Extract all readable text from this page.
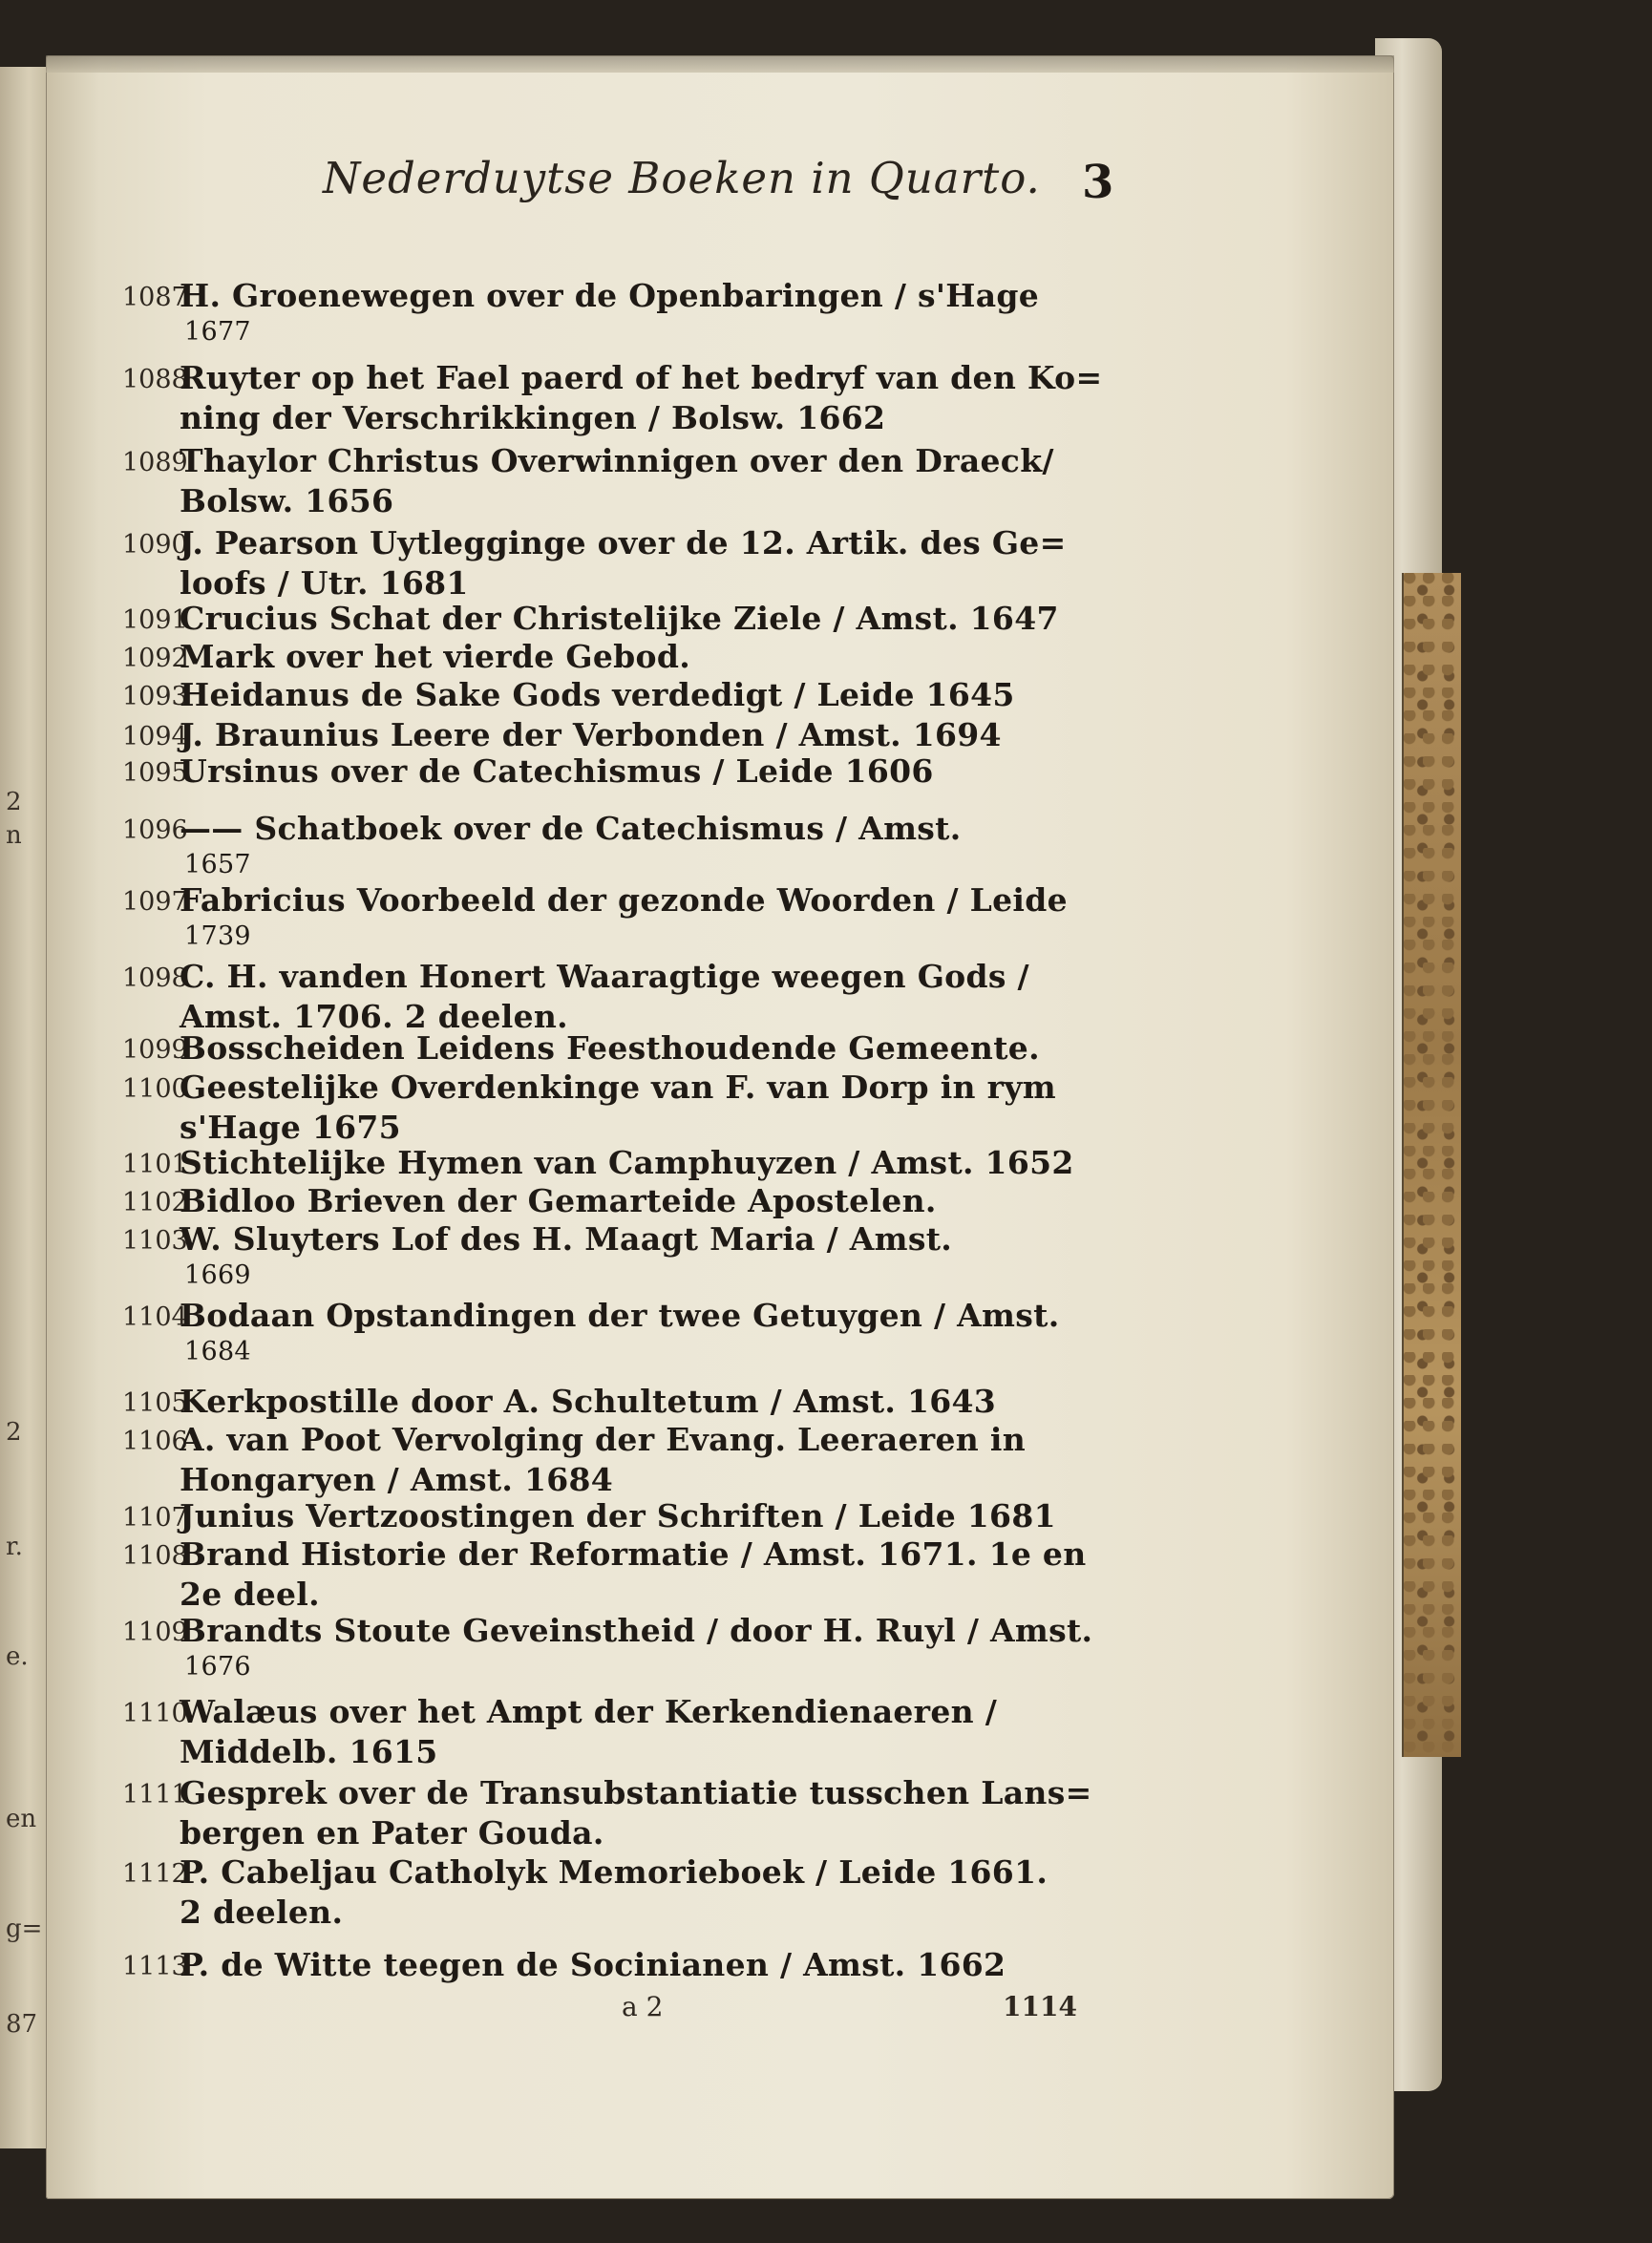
2
n
2
r.
e.
en
g=
87
Nederduytse Boeken in Quarto. 3
1087
H. Groenewegen over de Openbaringen / s'Hage
1677
1088
Ruyter op het Fael paerd of het bedryf van den Ko=
ning der Verschrikkingen / Bolsw. 1662
1089
Thaylor Christus Overwinnigen over den Draeck/
Bolsw. 1656
1090
J. Pearson Uytlegginge over de 12. Artik. des Ge=
loofs / Utr. 1681
1091
Crucius Schat der Christelijke Ziele / Amst. 1647
1092
Mark over het vierde Gebod.
1093
Heidanus de Sake Gods verdedigt / Leide 1645
1094
J. Braunius Leere der Verbonden / Amst. 1694
1095
Ursinus over de Catechismus / Leide 1606
1096
—— Schatboek over de Catechismus / Amst.
1657
1097
Fabricius Voorbeeld der gezonde Woorden / Leide
1739
1098
C. H. vanden Honert Waaragtige weegen Gods /
Amst. 1706. 2 deelen.
1099
Bosscheiden Leidens Feesthoudende Gemeente.
1100
Geestelijke Overdenkinge van F. van Dorp in rym
s'Hage 1675
1101
Stichtelijke Hymen van Camphuyzen / Amst. 1652
1102
Bidloo Brieven der Gemarteide Apostelen.
1103
W. Sluyters Lof des H. Maagt Maria / Amst.
1669
1104
Bodaan Opstandingen der twee Getuygen / Amst.
1684
1105
Kerkpostille door A. Schultetum / Amst. 1643
1106
A. van Poot Vervolging der Evang. Leeraeren in
Hongaryen / Amst. 1684
1107
Junius Vertzoostingen der Schriften / Leide 1681
1108
Brand Historie der Reformatie / Amst. 1671. 1e en
2e deel.
1109
Brandts Stoute Geveinstheid / door H. Ruyl / Amst.
1676
1110
Walæus over het Ampt der Kerkendienaeren /
Middelb. 1615
1111
Gesprek over de Transubstantiatie tusschen Lans=
bergen en Pater Gouda.
1112
P. Cabeljau Catholyk Memorieboek / Leide 1661.
2 deelen.
1113
P. de Witte teegen de Socinianen / Amst. 1662
a 2	1114
